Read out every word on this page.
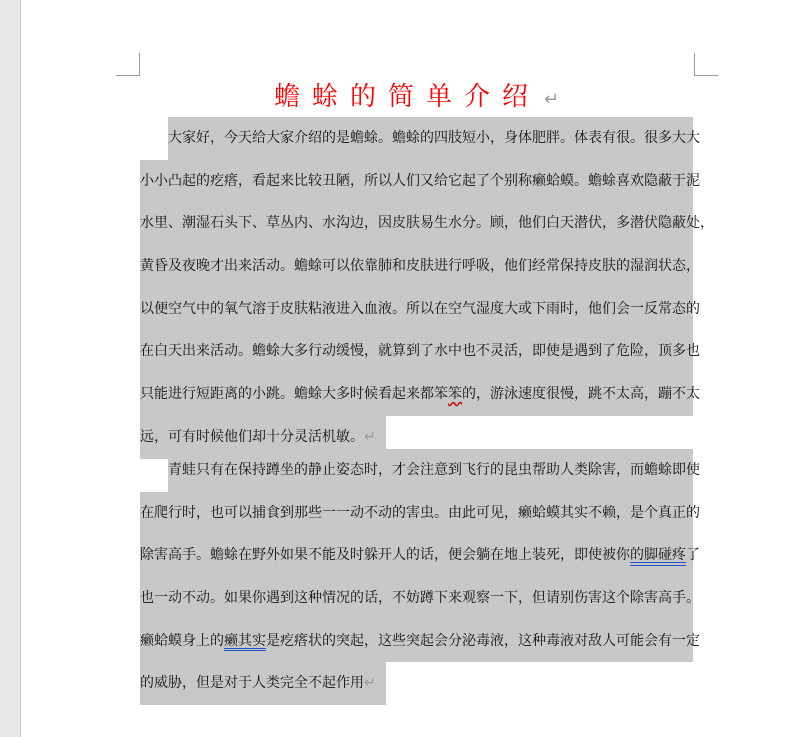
蟾蜍的简单介绍 ↵
大家好，今天给大家介绍的是蟾蜍。蟾蜍的四肢短小，身体肥胖。体表有很。很多大大
小小凸起的疙瘩，看起来比较丑陋，所以人们又给它起了个别称癞蛤蟆。蟾蜍喜欢隐蔽于泥
水里、潮湿石头下、草丛内、水沟边，因皮肤易生水分。顾，他们白天潜伏，多潜伏隐蔽处，
黄昏及夜晚才出来活动。蟾蜍可以依靠肺和皮肤进行呼吸，他们经常保持皮肤的湿润状态，
以便空气中的氧气溶于皮肤粘液进入血液。所以在空气湿度大或下雨时，他们会一反常态的
在白天出来活动。蟾蜍大多行动缓慢，就算到了水中也不灵活，即使是遇到了危险，顶多也
只能进行短距离的小跳。蟾蜍大多时候看起来都笨笨的，游泳速度很慢，跳不太高，蹦不太
远，可有时候他们却十分灵活机敏。↵
青蛙只有在保持蹲坐的静止姿态时，才会注意到飞行的昆虫帮助人类除害，而蟾蜍即使
在爬行时，也可以捕食到那些一一动不动的害虫。由此可见，癞蛤蟆其实不赖，是个真正的
除害高手。蟾蜍在野外如果不能及时躲开人的话，便会躺在地上装死，即使被你的脚碰疼了
也一动不动。如果你遇到这种情况的话，不妨蹲下来观察一下，但请别伤害这个除害高手。
癞蛤蟆身上的癞其实是疙瘩状的突起，这些突起会分泌毒液，这种毒液对敌人可能会有一定
的威胁，但是对于人类完全不起作用↵
